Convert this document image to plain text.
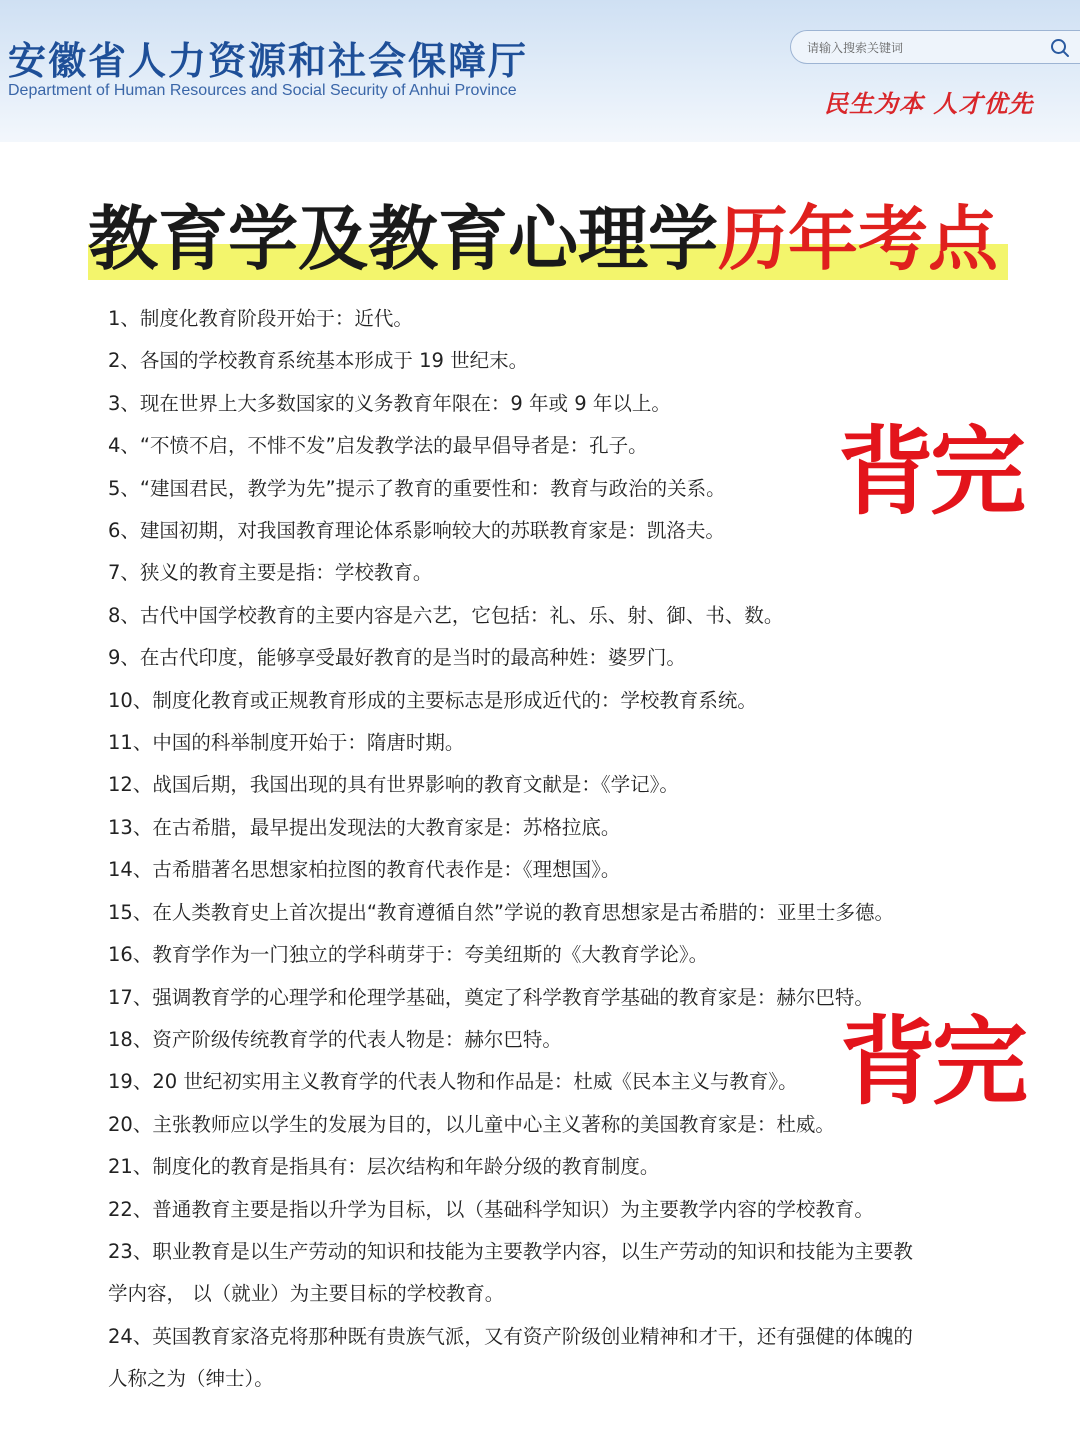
安徽省人力资源和社会保障厅
Department of Human Resources and Social Security of Anhui Province
请输入搜索关键词	民生为本 人才优先
教育学及教育心理学历年考点
1、制度化教育阶段开始于：近代。
2、各国的学校教育系统基本形成于 19 世纪末。
3、现在世界上大多数国家的义务教育年限在：9 年或 9 年以上。
4、“不愤不启，不悱不发”启发教学法的最早倡导者是：孔子。
5、“建国君民，教学为先”提示了教育的重要性和：教育与政治的关系。
6、建国初期，对我国教育理论体系影响较大的苏联教育家是：凯洛夫。
7、狭义的教育主要是指：学校教育。
8、古代中国学校教育的主要内容是六艺，它包括：礼、乐、射、御、书、数。
9、在古代印度，能够享受最好教育的是当时的最高种姓：婆罗门。
10、制度化教育或正规教育形成的主要标志是形成近代的：学校教育系统。
11、中国的科举制度开始于：隋唐时期。
12、战国后期，我国出现的具有世界影响的教育文献是：《学记》。
13、在古希腊，最早提出发现法的大教育家是：苏格拉底。
14、古希腊著名思想家柏拉图的教育代表作是：《理想国》。
15、在人类教育史上首次提出“教育遵循自然”学说的教育思想家是古希腊的：亚里士多德。
16、教育学作为一门独立的学科萌芽于：夸美纽斯的《大教育学论》。
17、强调教育学的心理学和伦理学基础，奠定了科学教育学基础的教育家是：赫尔巴特。
18、资产阶级传统教育学的代表人物是：赫尔巴特。
19、20 世纪初实用主义教育学的代表人物和作品是：杜威《民本主义与教育》。
20、主张教师应以学生的发展为目的，以儿童中心主义著称的美国教育家是：杜威。
21、制度化的教育是指具有：层次结构和年龄分级的教育制度。
22、普通教育主要是指以升学为目标，以（基础科学知识）为主要教学内容的学校教育。
23、职业教育是以生产劳动的知识和技能为主要教学内容，以生产劳动的知识和技能为主要教
学内容， 以（就业）为主要目标的学校教育。
24、英国教育家洛克将那种既有贵族气派，又有资产阶级创业精神和才干，还有强健的体魄的
人称之为（绅士）。
背完
背完
